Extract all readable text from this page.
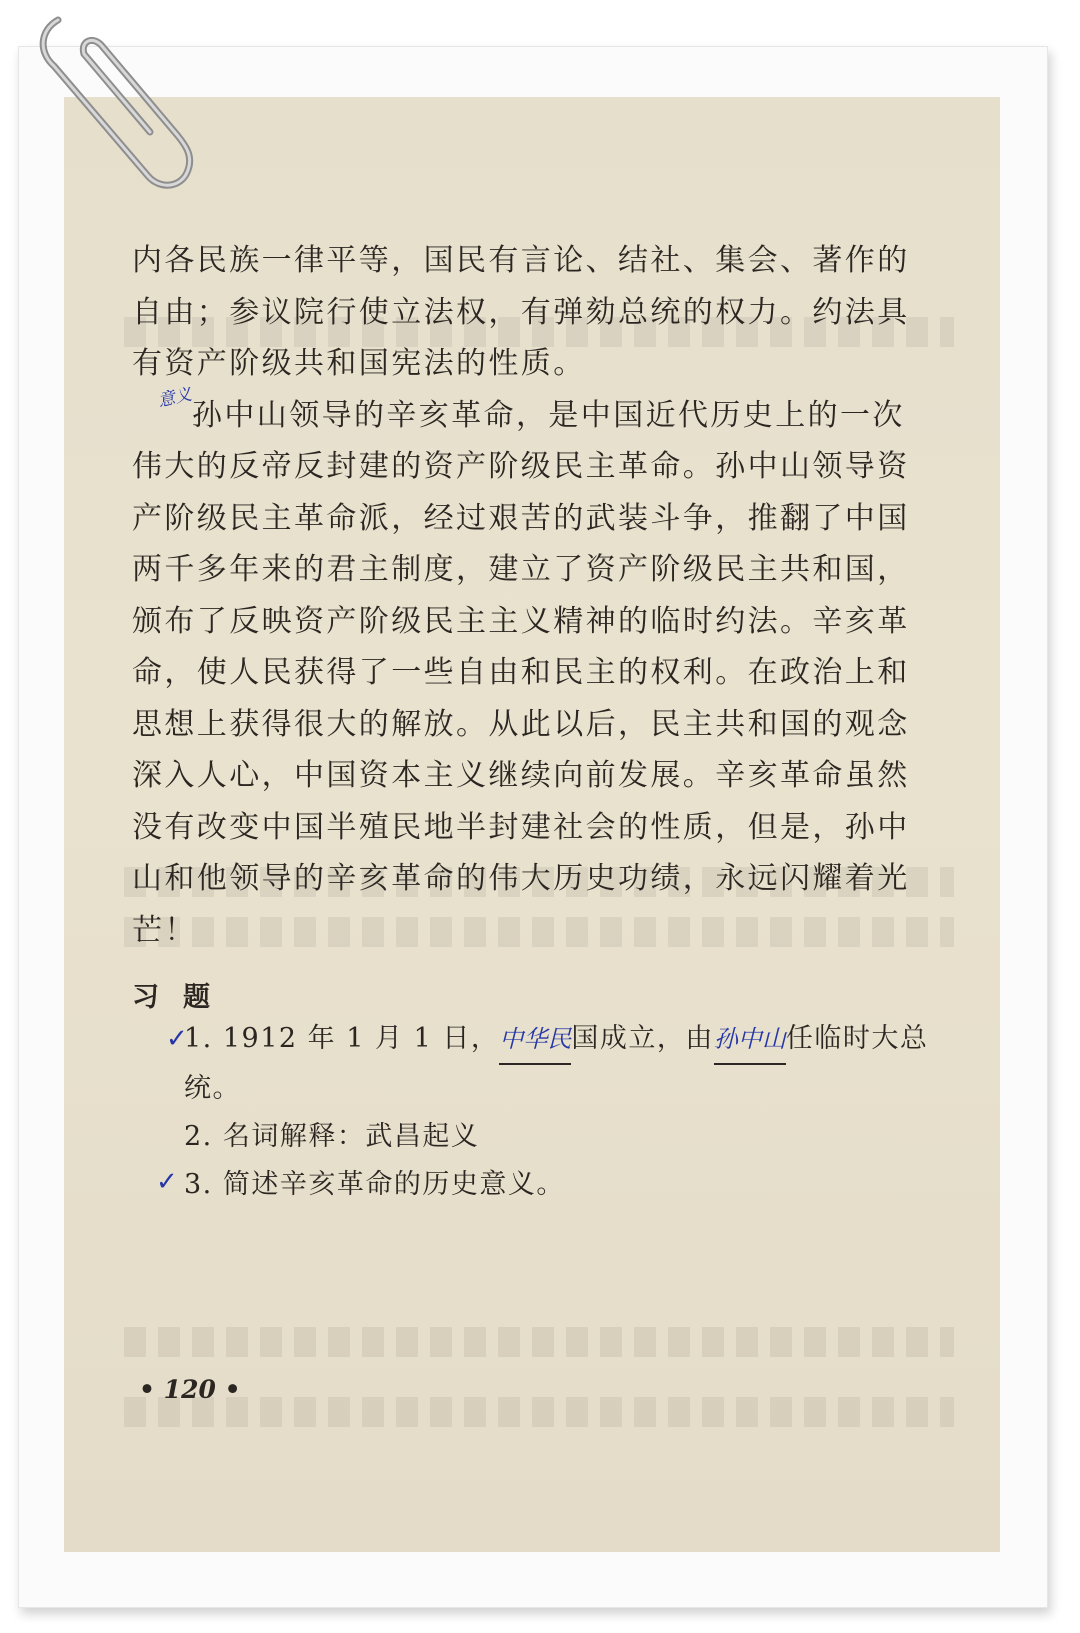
内各民族一律平等，国民有言论、结社、集会、著作的自由；参议院行使立法权，有弹劾总统的权力。约法具有资产阶级共和国宪法的性质。

孙中山领导的辛亥革命，是中国近代历史上的一次伟大的反帝反封建的资产阶级民主革命。孙中山领导资产阶级民主革命派，经过艰苦的武装斗争，推翻了中国两千多年来的君主制度，建立了资产阶级民主共和国，颁布了反映资产阶级民主主义精神的临时约法。辛亥革命，使人民获得了一些自由和民主的权利。在政治上和思想上获得很大的解放。从此以后，民主共和国的观念深入人心，中国资本主义继续向前发展。辛亥革命虽然没有改变中国半殖民地半封建社会的性质，但是，孙中山和他领导的辛亥革命的伟大历史功绩，永远闪耀着光芒！

意义
习题
1. 1912 年 1 月 1 日，中华民国成立，由孙中山任临时大总统。
2. 名词解释：武昌起义
3. 简述辛亥革命的历史意义。
✓
✓
• 120 •
